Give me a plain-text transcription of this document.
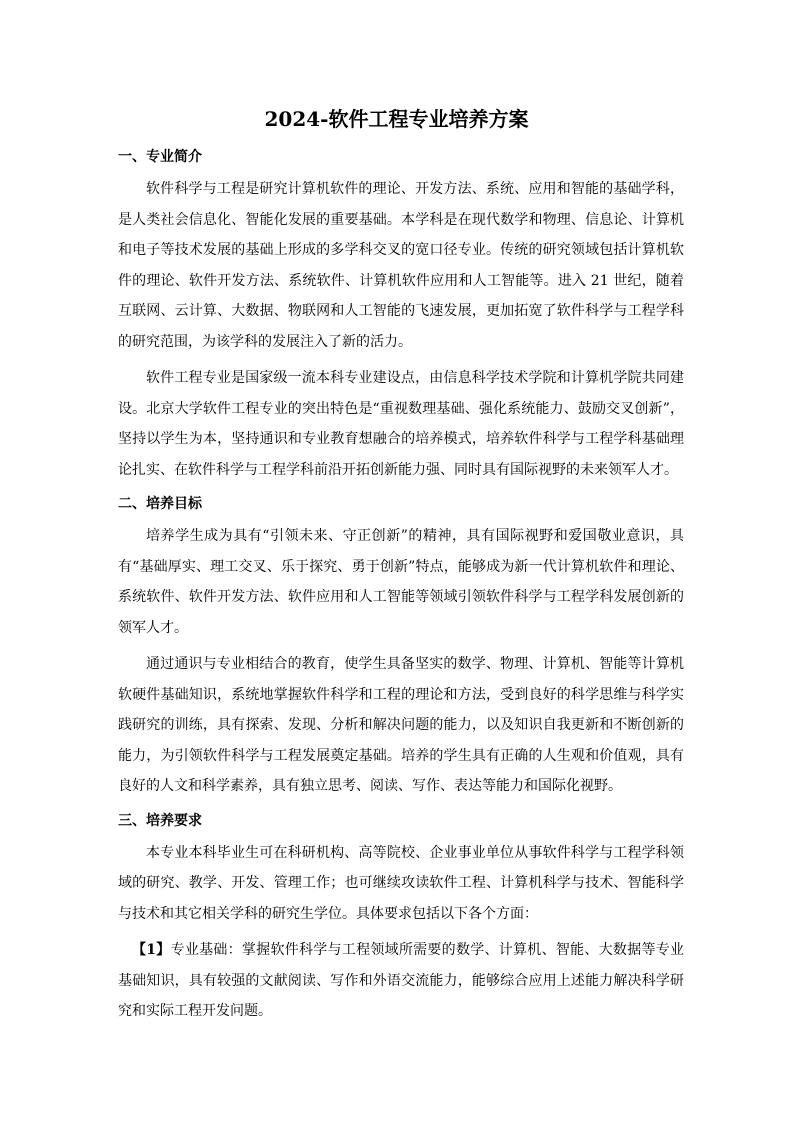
2024-软件工程专业培养方案
一、专业简介

软件科学与工程是研究计算机软件的理论、开发方法、系统、应用和智能的基础学科，是人类社会信息化、智能化发展的重要基础。本学科是在现代数学和物理、信息论、计算机和电子等技术发展的基础上形成的多学科交叉的宽口径专业。传统的研究领域包括计算机软件的理论、软件开发方法、系统软件、计算机软件应用和人工智能等。进入 21 世纪，随着互联网、云计算、大数据、物联网和人工智能的飞速发展，更加拓宽了软件科学与工程学科的研究范围，为该学科的发展注入了新的活力。

软件工程专业是国家级一流本科专业建设点，由信息科学技术学院和计算机学院共同建设。北京大学软件工程专业的突出特色是“重视数理基础、强化系统能力、鼓励交叉创新”，坚持以学生为本，坚持通识和专业教育想融合的培养模式，培养软件科学与工程学科基础理论扎实、在软件科学与工程学科前沿开拓创新能力强、同时具有国际视野的未来领军人才。

二、培养目标

培养学生成为具有“引领未来、守正创新”的精神，具有国际视野和爱国敬业意识，具有“基础厚实、理工交叉、乐于探究、勇于创新”特点，能够成为新一代计算机软件和理论、系统软件、软件开发方法、软件应用和人工智能等领域引领软件科学与工程学科发展创新的领军人才。

通过通识与专业相结合的教育，使学生具备坚实的数学、物理、计算机、智能等计算机软硬件基础知识，系统地掌握软件科学和工程的理论和方法，受到良好的科学思维与科学实践研究的训练，具有探索、发现、分析和解决问题的能力，以及知识自我更新和不断创新的能力，为引领软件科学与工程发展奠定基础。培养的学生具有正确的人生观和价值观，具有良好的人文和科学素养，具有独立思考、阅读、写作、表达等能力和国际化视野。

三、培养要求

本专业本科毕业生可在科研机构、高等院校、企业事业单位从事软件科学与工程学科领域的研究、教学、开发、管理工作；也可继续攻读软件工程、计算机科学与技术、智能科学与技术和其它相关学科的研究生学位。具体要求包括以下各个方面：

【1】专业基础：掌握软件科学与工程领域所需要的数学、计算机、智能、大数据等专业基础知识，具有较强的文献阅读、写作和外语交流能力，能够综合应用上述能力解决科学研究和实际工程开发问题。
